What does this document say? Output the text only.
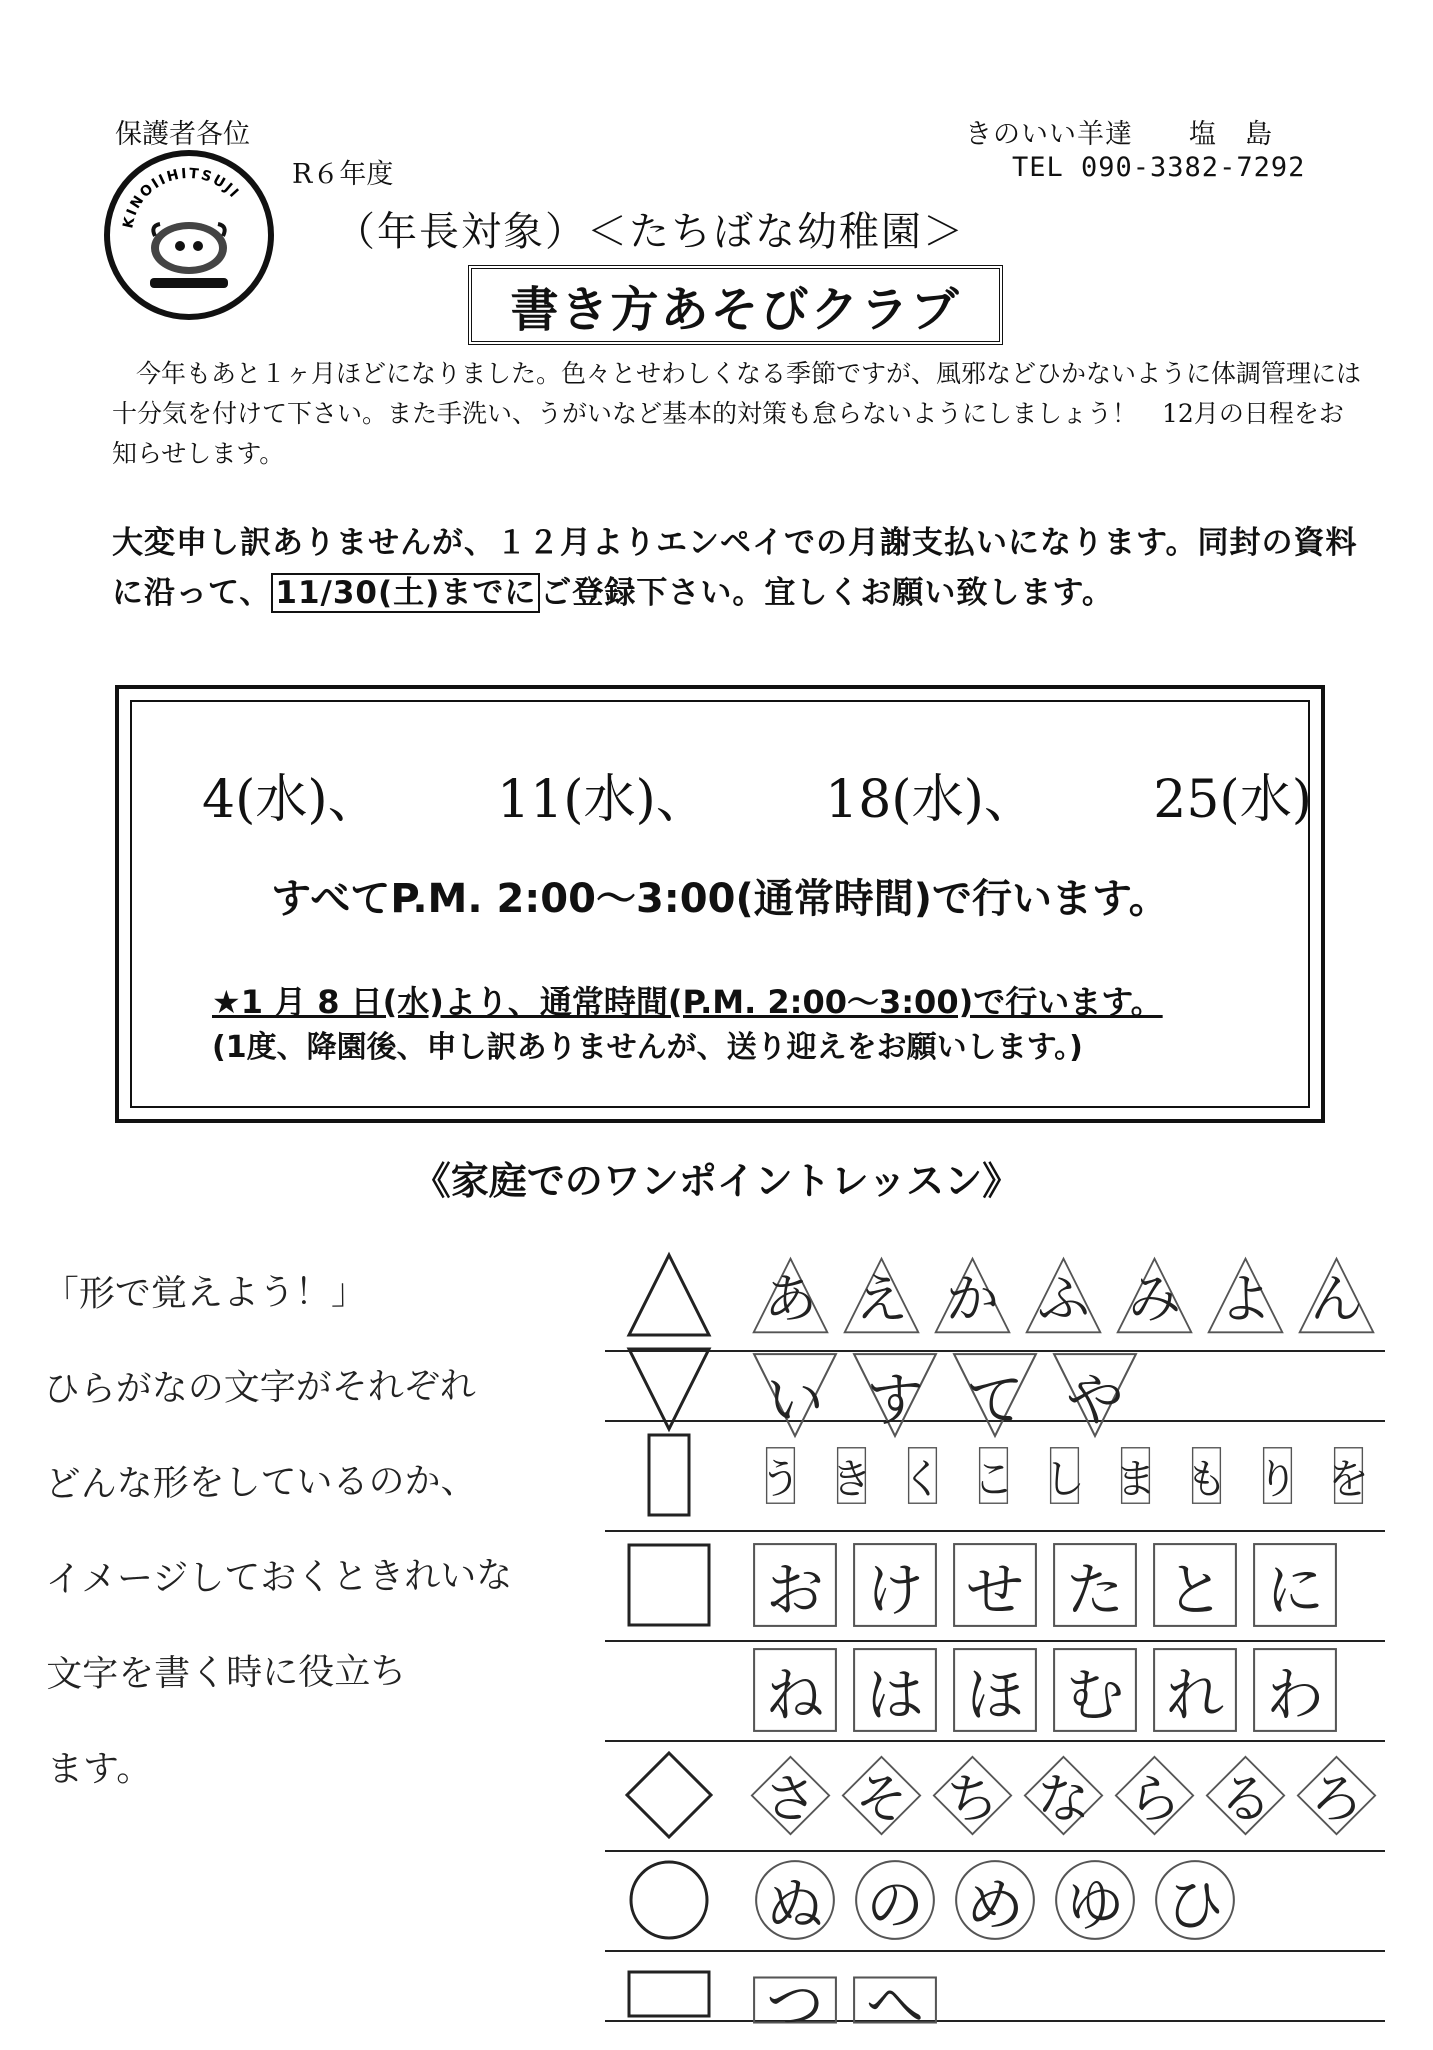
保護者各位	きのいい羊達　　塩　島
R６年度	TEL 090-3382-7292
KINOIIHITSUJI
（年長対象）＜たちばな幼稚園＞
書き方あそびクラブ
今年もあと１ヶ月ほどになりました。色々とせわしくなる季節ですが、風邪などひかないように体調管理には十分気を付けて下さい。また手洗い、うがいなど基本的対策も怠らないようにしましょう！　12月の日程をお知らせします。
大変申し訳ありませんが、１２月よりエンペイでの月謝支払いになります。同封の資料に沿って、 11/30(土)までに ご登録下さい。宜しくお願い致します。
4(水)、 11(水)、 18(水)、 25(水)
すべてP.M. 2:00～3:00(通常時間)で行います。
★1 月 8 日(水)より、通常時間(P.M. 2:00～3:00)で行います。
(1度、降園後、申し訳ありませんが、送り迎えをお願いします。)
《家庭でのワンポイントレッスン》
「形で覚えよう！」
ひらがなの文字がそれぞれ
どんな形をしているのか、
イメージしておくときれいな
文字を書く時に役立ち
ます。
あ え か ふ み よ ん
い す て や
う き く こ し ま も り を
お け せ た と に
ね は ほ む れ わ
さ そ ち な ら る ろ
ぬ の め ゆ ひ
つ へ
